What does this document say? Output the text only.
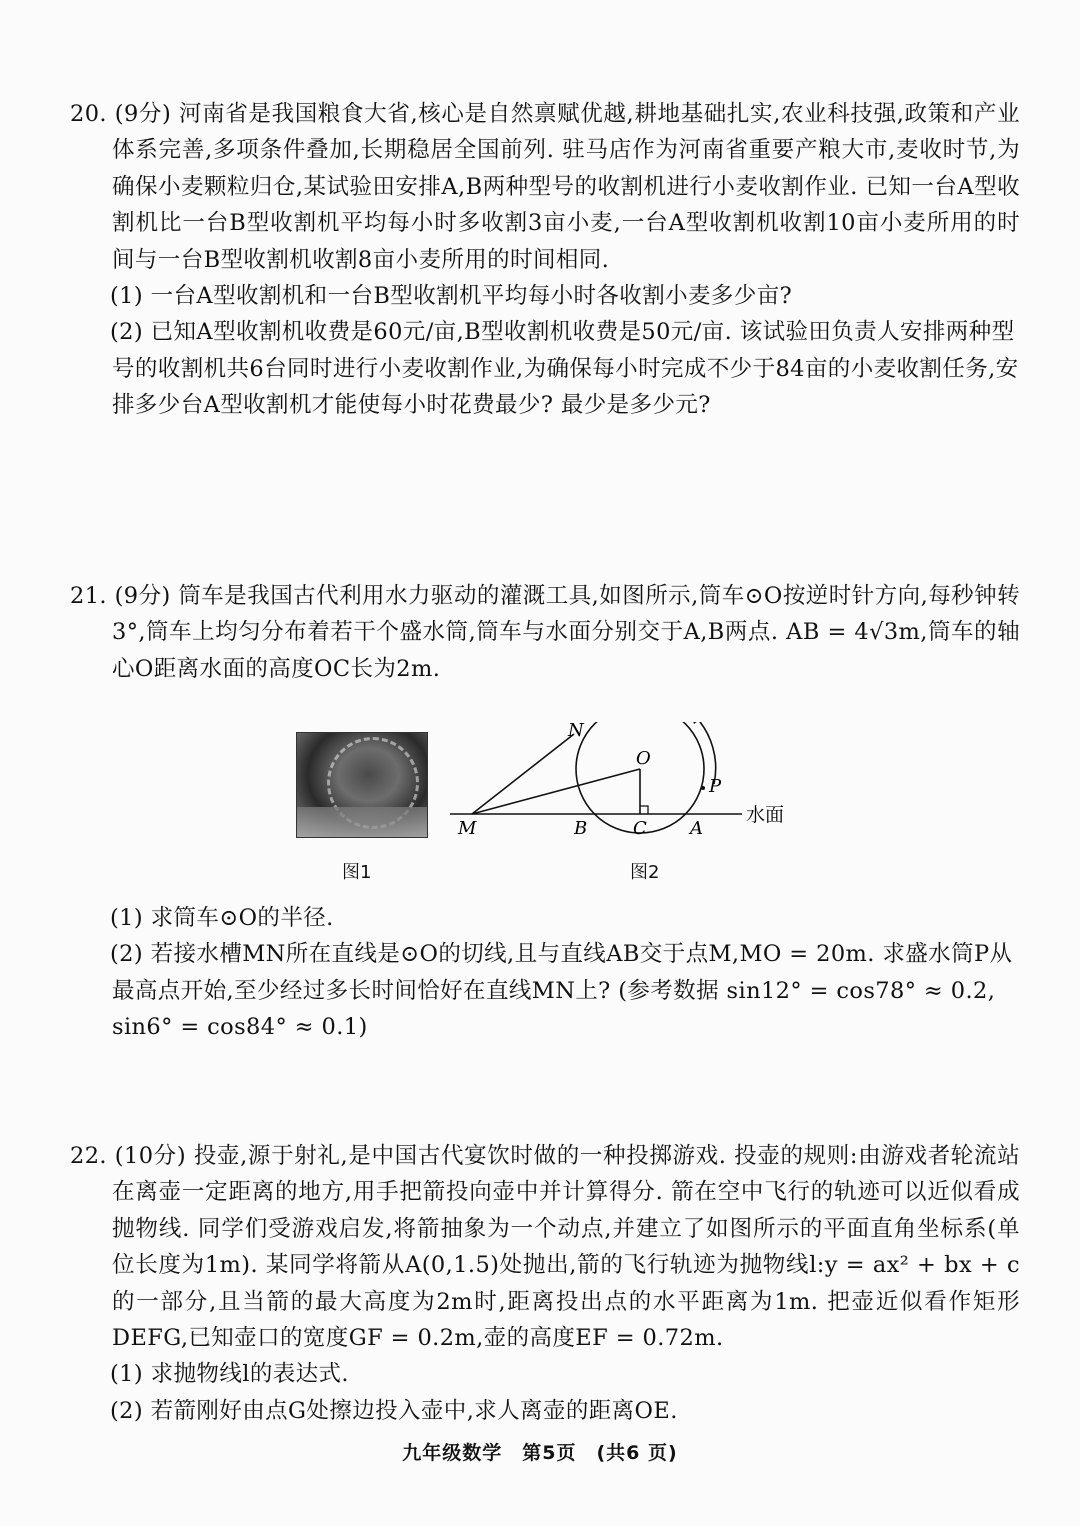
20. (9分) 河南省是我国粮食大省,核心是自然禀赋优越,耕地基础扎实,农业科技强,政策和产业体系完善,多项条件叠加,长期稳居全国前列. 驻马店作为河南省重要产粮大市,麦收时节,为确保小麦颗粒归仓,某试验田安排A,B两种型号的收割机进行小麦收割作业. 已知一台A型收割机比一台B型收割机平均每小时多收割3亩小麦,一台A型收割机收割10亩小麦所用的时间与一台B型收割机收割8亩小麦所用的时间相同.

(1) 一台A型收割机和一台B型收割机平均每小时各收割小麦多少亩?

(2) 已知A型收割机收费是60元/亩,B型收割机收费是50元/亩. 该试验田负责人安排两种型号的收割机共6台同时进行小麦收割作业,为确保每小时完成不少于84亩的小麦收割任务,安排多少台A型收割机才能使每小时花费最少? 最少是多少元?

21. (9分) 筒车是我国古代利用水力驱动的灌溉工具,如图所示,筒车⊙O按逆时针方向,每秒钟转3°,筒车上均匀分布着若干个盛水筒,筒车与水面分别交于A,B两点. AB = 4√3m,筒车的轴心O距离水面的高度OC长为2m.

图1
N
O
P
M	B	C A
水面
图2

(1) 求筒车⊙O的半径.

(2) 若接水槽MN所在直线是⊙O的切线,且与直线AB交于点M,MO = 20m. 求盛水筒P从最高点开始,至少经过多长时间恰好在直线MN上? (参考数据 sin12° = cos78° ≈ 0.2, sin6° = cos84° ≈ 0.1)

22. (10分) 投壶,源于射礼,是中国古代宴饮时做的一种投掷游戏. 投壶的规则:由游戏者轮流站在离壶一定距离的地方,用手把箭投向壶中并计算得分. 箭在空中飞行的轨迹可以近似看成抛物线. 同学们受游戏启发,将箭抽象为一个动点,并建立了如图所示的平面直角坐标系(单位长度为1m). 某同学将箭从A(0,1.5)处抛出,箭的飞行轨迹为抛物线l:y = ax² + bx + c的一部分,且当箭的最大高度为2m时,距离投出点的水平距离为1m. 把壶近似看作矩形DEFG,已知壶口的宽度GF = 0.2m,壶的高度EF = 0.72m.

(1) 求抛物线l的表达式.

(2) 若箭刚好由点G处擦边投入壶中,求人离壶的距离OE.

九年级数学　第5页　(共6 页)
